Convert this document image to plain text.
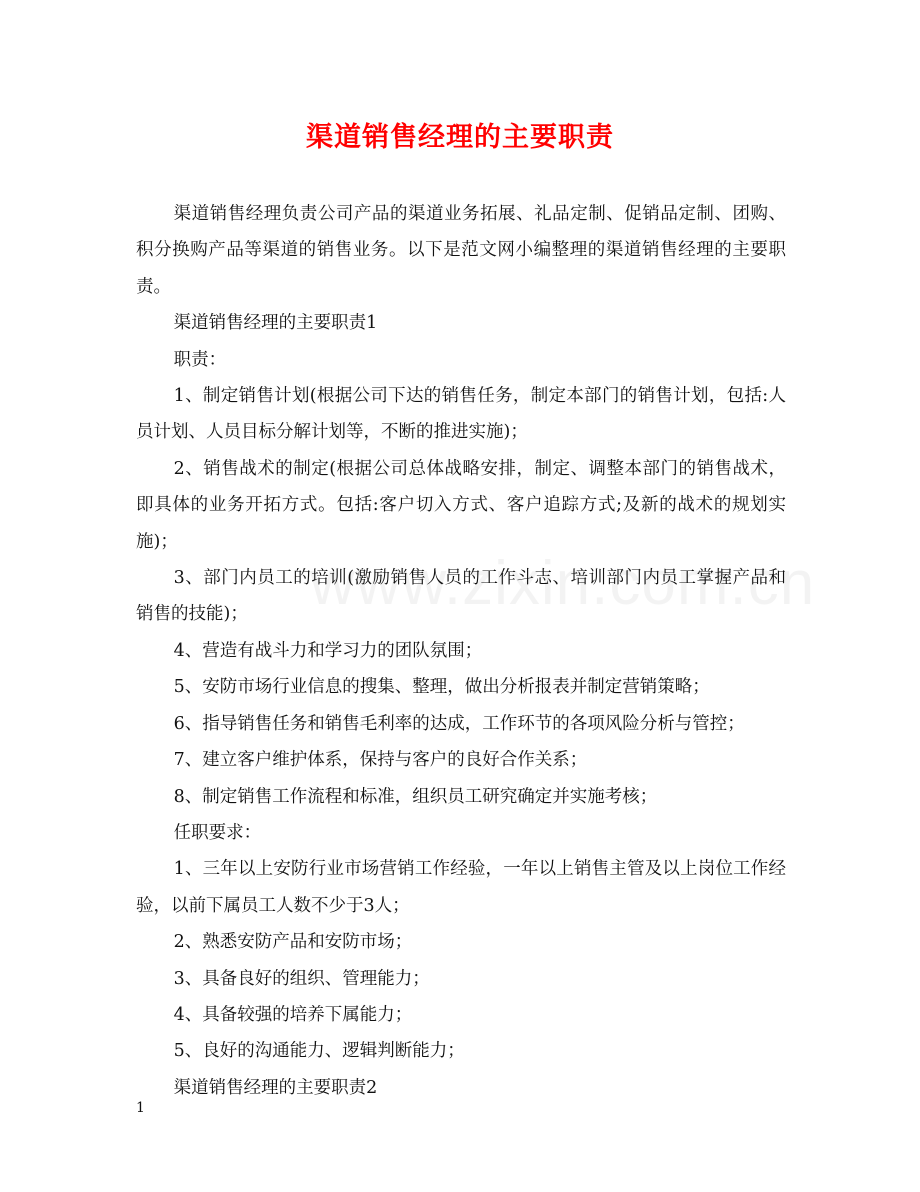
渠道销售经理的主要职责

渠道销售经理负责公司产品的渠道业务拓展、礼品定制、促销品定制、团购、积分换购产品等渠道的销售业务。以下是范文网小编整理的渠道销售经理的主要职责。

渠道销售经理的主要职责1

职责：

1、制定销售计划(根据公司下达的销售任务，制定本部门的销售计划，包括:人员计划、人员目标分解计划等，不断的推进实施)；

2、销售战术的制定(根据公司总体战略安排，制定、调整本部门的销售战术，即具体的业务开拓方式。包括:客户切入方式、客户追踪方式;及新的战术的规划实施)；

3、部门内员工的培训(激励销售人员的工作斗志、培训部门内员工掌握产品和销售的技能)；

4、营造有战斗力和学习力的团队氛围；

5、安防市场行业信息的搜集、整理，做出分析报表并制定营销策略；

6、指导销售任务和销售毛利率的达成，工作环节的各项风险分析与管控；

7、建立客户维护体系，保持与客户的良好合作关系；

8、制定销售工作流程和标准，组织员工研究确定并实施考核；

任职要求：

1、三年以上安防行业市场营销工作经验，一年以上销售主管及以上岗位工作经验，以前下属员工人数不少于3人；

2、熟悉安防产品和安防市场；

3、具备良好的组织、管理能力；

4、具备较强的培养下属能力；

5、良好的沟通能力、逻辑判断能力；

渠道销售经理的主要职责2

1
